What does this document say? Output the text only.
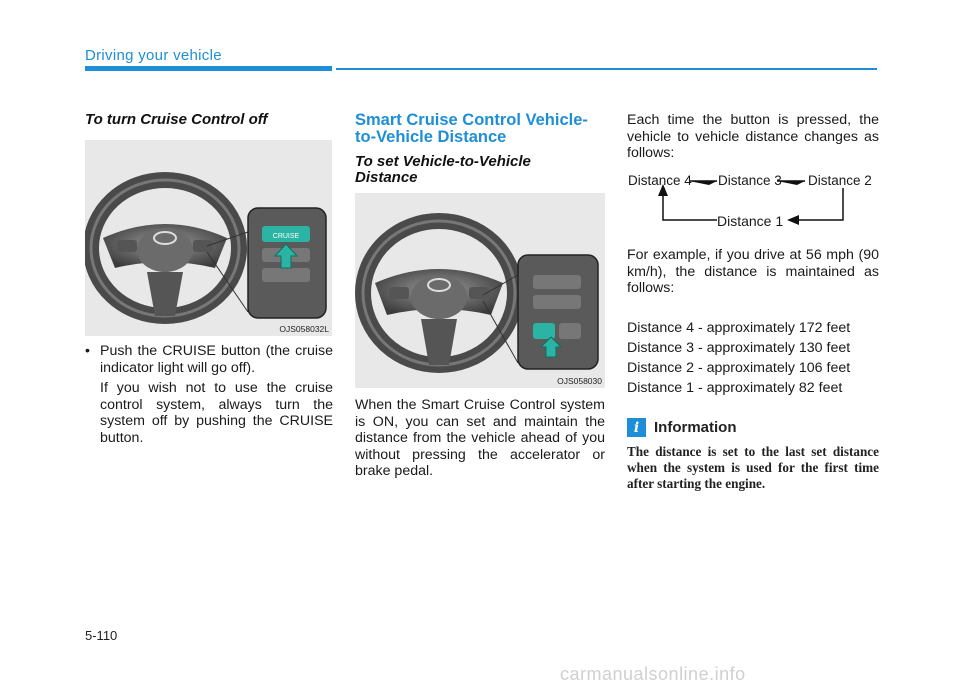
Driving your vehicle
To turn Cruise Control off
CRUISE
OJS058032L
• Push the CRUISE button (the cruise indicator light will go off).
If you wish not to use the cruise control system, always turn the system off by pushing the CRUISE button.
Smart Cruise Control Vehicle-
to-Vehicle Distance
To set Vehicle-to-Vehicle
Distance
OJS058030
When the Smart Cruise Control system is ON, you can set and maintain the distance from the vehicle ahead of you without pressing the accelerator or brake pedal.
Each time the button is pressed, the vehicle to vehicle distance changes as follows:
Distance 4 Distance 3 Distance 2
Distance 1
For example, if you drive at 56 mph (90 km/h), the distance is maintained as follows:
Distance 4 - approximately 172 feet
Distance 3 - approximately 130 feet
Distance 2 - approximately 106 feet
Distance 1 - approximately 82 feet
i Information
The distance is set to the last set distance when the system is used for the first time after starting the engine.
5-110
carmanualsonline.info
